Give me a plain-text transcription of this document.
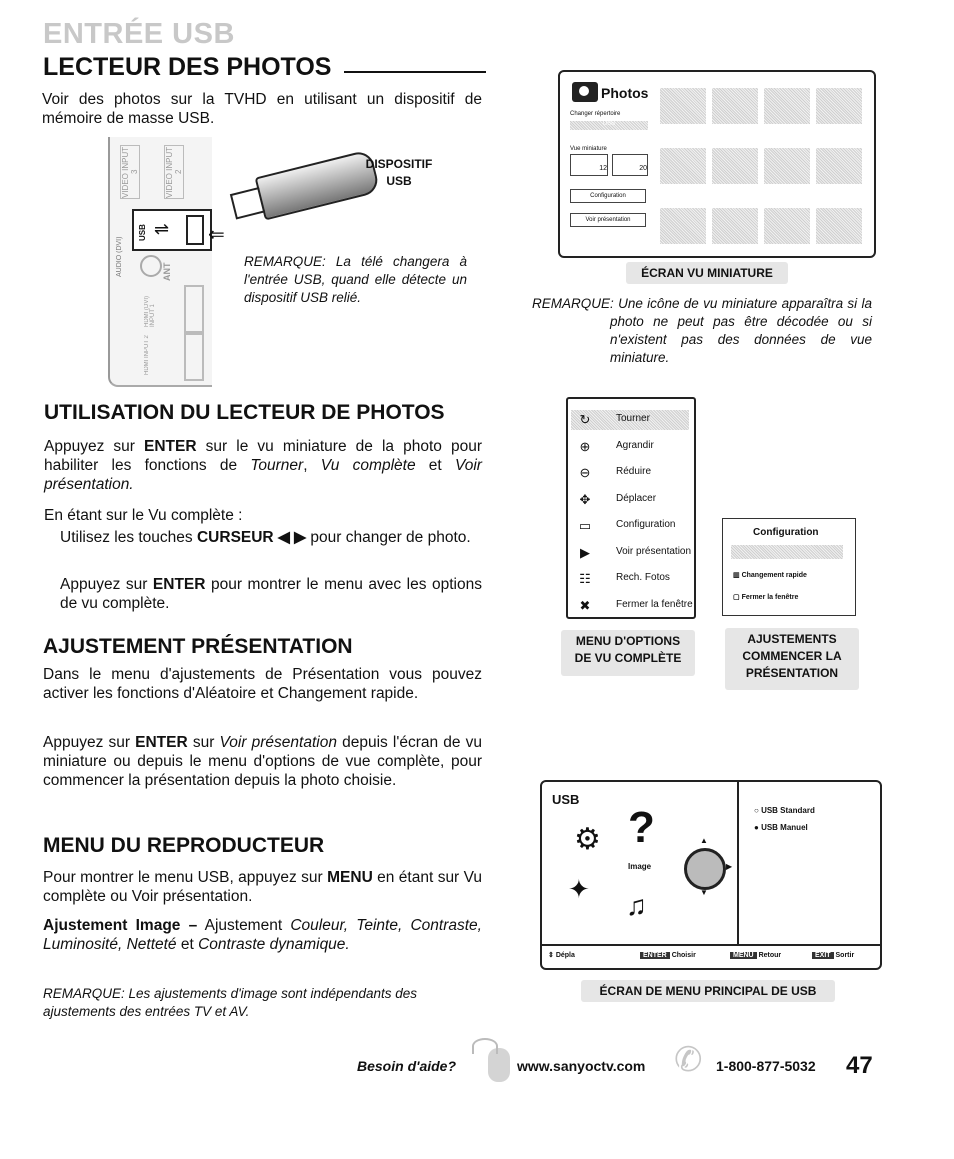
ENTRÉE USB
LECTEUR DES PHOTOS
Voir des photos sur la TVHD en utilisant un dispositif de mémoire de masse USB.
VIDEO INPUT 3	VIDEO INPUT 2
AUDIO (DVI)
USB ⇌
ANT
HDMI (DVI) INPUT 1
HDMI INPUT 2
⇐
DISPOSITIF
USB
REMARQUE: La télé changera à l'entrée USB, quand elle détecte un dispositif USB relié.
Photos
Changer répertoire
USB
Vue miniature
12	20
Configuration
Voir présentation
ÉCRAN VU MINIATURE
REMARQUE: Une icône de vu miniature apparaîtra si la photo ne peut pas être décodée ou si n'existent pas des données de vue miniature.
UTILISATION DU LECTEUR DE PHOTOS
Appuyez sur ENTER sur le vu miniature de la photo pour habiliter les fonctions de Tourner, Vu complète et Voir présentation.
En étant sur le Vu complète :
Utilisez les touches CURSEUR ◀ ▶ pour changer de photo.
Appuyez sur ENTER pour montrer le menu avec les options de vu complète.
↻	Tourner
⊕	Agrandir
⊖	Réduire
✥	Déplacer
▭ Configuration
▶	Voir présentation
☷	Rech. Fotos
✖	Fermer la fenêtre
MENU D'OPTIONS
DE VU COMPLÈTE
Configuration
▥ Changement rapide
▢ Fermer la fenêtre
AJUSTEMENTS
COMMENCER LA
PRÉSENTATION
AJUSTEMENT PRÉSENTATION
Dans le menu d'ajustements de Présentation vous pouvez activer les fonctions d'Aléatoire et Changement rapide.
Appuyez sur ENTER sur Voir présentation depuis l'écran de vu miniature ou depuis le menu d'options de vue complète, pour commencer la présentation depuis la photo choisie.
MENU DU REPRODUCTEUR
Pour montrer le menu USB, appuyez sur MENU en étant sur Vu complète ou Voir présentation.
Ajustement Image – Ajustement Couleur, Teinte, Contraste, Luminosité, Netteté et Contraste dynamique.
REMARQUE: Les ajustements d'image sont indépendants des ajustements des entrées TV et AV.
USB
?
⚙
Image
▲
▼
▶
✦
♫
○ USB Standard
● USB Manuel
⇕ Dépla	ENTER Choisir	MENU Retour	EXIT Sortir
ÉCRAN DE MENU PRINCIPAL DE USB
Besoin d'aide?	www.sanyoctv.com ✆ 1-800-877-5032 47
